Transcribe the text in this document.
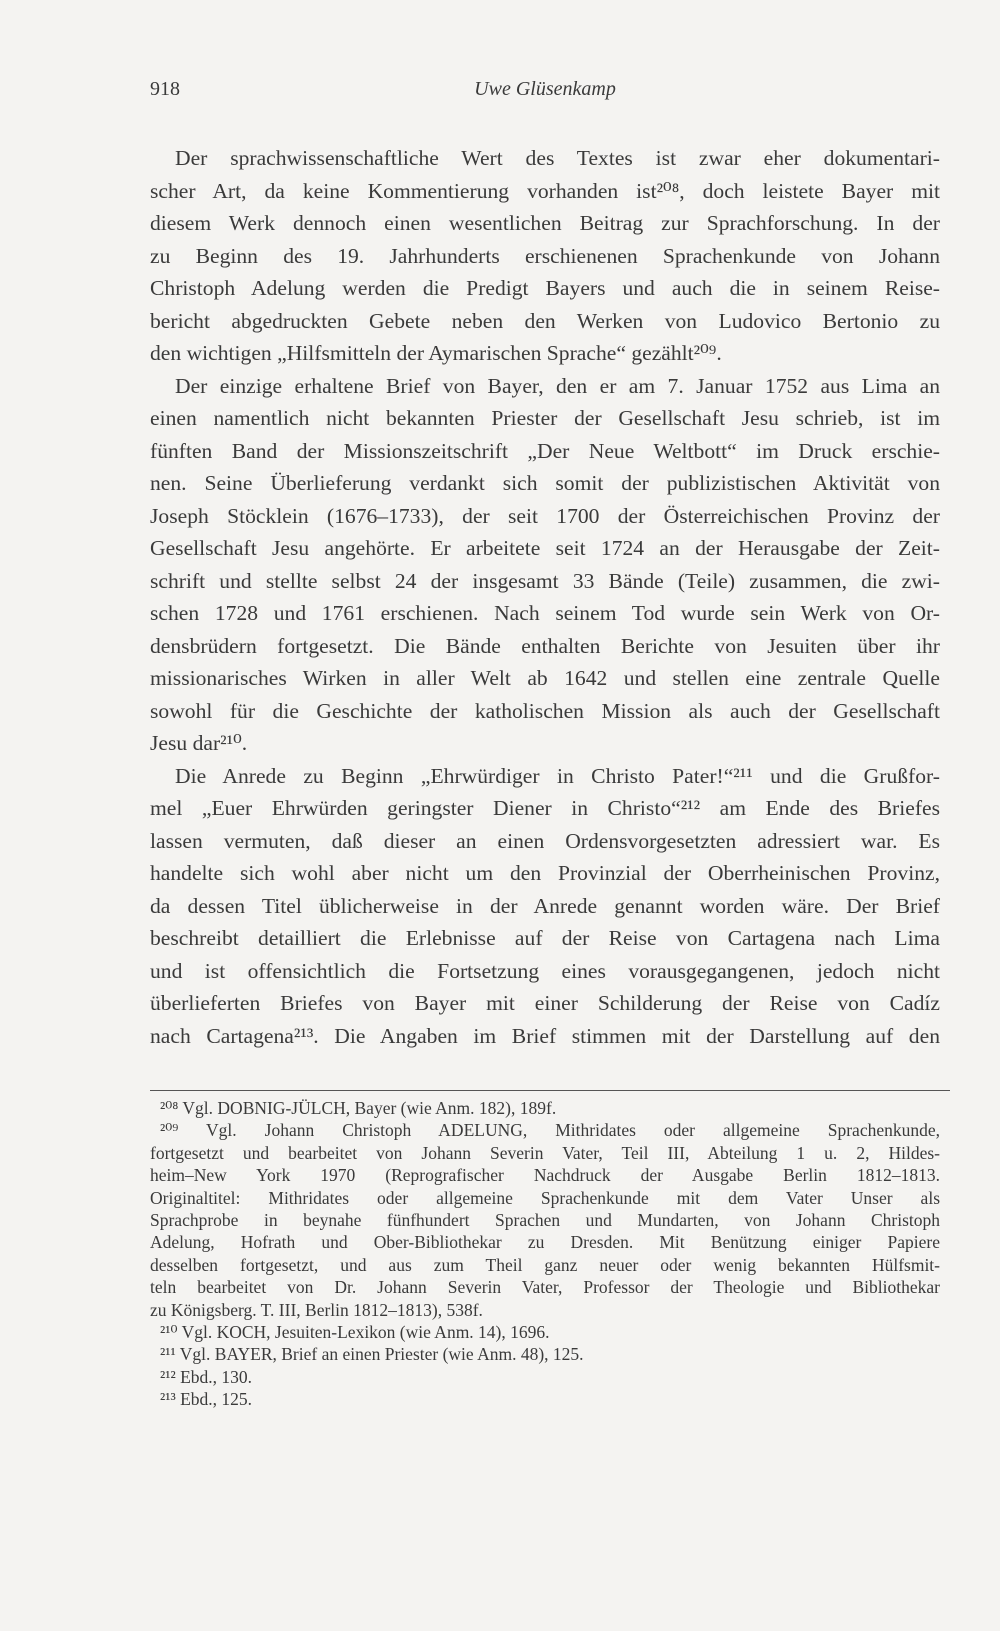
918	Uwe Glüsenkamp
Der sprachwissenschaftliche Wert des Textes ist zwar eher dokumentari-
scher Art, da keine Kommentierung vorhanden ist²⁰⁸, doch leistete Bayer mit
diesem Werk dennoch einen wesentlichen Beitrag zur Sprachforschung. In der
zu Beginn des 19. Jahrhunderts erschienenen Sprachenkunde von Johann
Christoph Adelung werden die Predigt Bayers und auch die in seinem Reise-
bericht abgedruckten Gebete neben den Werken von Ludovico Bertonio zu
den wichtigen „Hilfsmitteln der Aymarischen Sprache“ gezählt²⁰⁹.
Der einzige erhaltene Brief von Bayer, den er am 7. Januar 1752 aus Lima an
einen namentlich nicht bekannten Priester der Gesellschaft Jesu schrieb, ist im
fünften Band der Missionszeitschrift „Der Neue Weltbott“ im Druck erschie-
nen. Seine Überlieferung verdankt sich somit der publizistischen Aktivität von
Joseph Stöcklein (1676–1733), der seit 1700 der Österreichischen Provinz der
Gesellschaft Jesu angehörte. Er arbeitete seit 1724 an der Herausgabe der Zeit-
schrift und stellte selbst 24 der insgesamt 33 Bände (Teile) zusammen, die zwi-
schen 1728 und 1761 erschienen. Nach seinem Tod wurde sein Werk von Or-
densbrüdern fortgesetzt. Die Bände enthalten Berichte von Jesuiten über ihr
missionarisches Wirken in aller Welt ab 1642 und stellen eine zentrale Quelle
sowohl für die Geschichte der katholischen Mission als auch der Gesellschaft
Jesu dar²¹⁰.
Die Anrede zu Beginn „Ehrwürdiger in Christo Pater!“²¹¹ und die Grußfor-
mel „Euer Ehrwürden geringster Diener in Christo“²¹² am Ende des Briefes
lassen vermuten, daß dieser an einen Ordensvorgesetzten adressiert war. Es
handelte sich wohl aber nicht um den Provinzial der Oberrheinischen Provinz,
da dessen Titel üblicherweise in der Anrede genannt worden wäre. Der Brief
beschreibt detailliert die Erlebnisse auf der Reise von Cartagena nach Lima
und ist offensichtlich die Fortsetzung eines vorausgegangenen, jedoch nicht
überlieferten Briefes von Bayer mit einer Schilderung der Reise von Cadíz
nach Cartagena²¹³. Die Angaben im Brief stimmen mit der Darstellung auf den
²⁰⁸ Vgl. DOBNIG-JÜLCH, Bayer (wie Anm. 182), 189f.
²⁰⁹ Vgl. Johann Christoph ADELUNG, Mithridates oder allgemeine Sprachenkunde,
fortgesetzt und bearbeitet von Johann Severin Vater, Teil III, Abteilung 1 u. 2, Hildes-
heim–New York 1970 (Reprografischer Nachdruck der Ausgabe Berlin 1812–1813.
Originaltitel: Mithridates oder allgemeine Sprachenkunde mit dem Vater Unser als
Sprachprobe in beynahe fünfhundert Sprachen und Mundarten, von Johann Christoph
Adelung, Hofrath und Ober-Bibliothekar zu Dresden. Mit Benützung einiger Papiere
desselben fortgesetzt, und aus zum Theil ganz neuer oder wenig bekannten Hülfsmit-
teln bearbeitet von Dr. Johann Severin Vater, Professor der Theologie und Bibliothekar
zu Königsberg. T. III, Berlin 1812–1813), 538f.
²¹⁰ Vgl. KOCH, Jesuiten-Lexikon (wie Anm. 14), 1696.
²¹¹ Vgl. BAYER, Brief an einen Priester (wie Anm. 48), 125.
²¹² Ebd., 130.
²¹³ Ebd., 125.
